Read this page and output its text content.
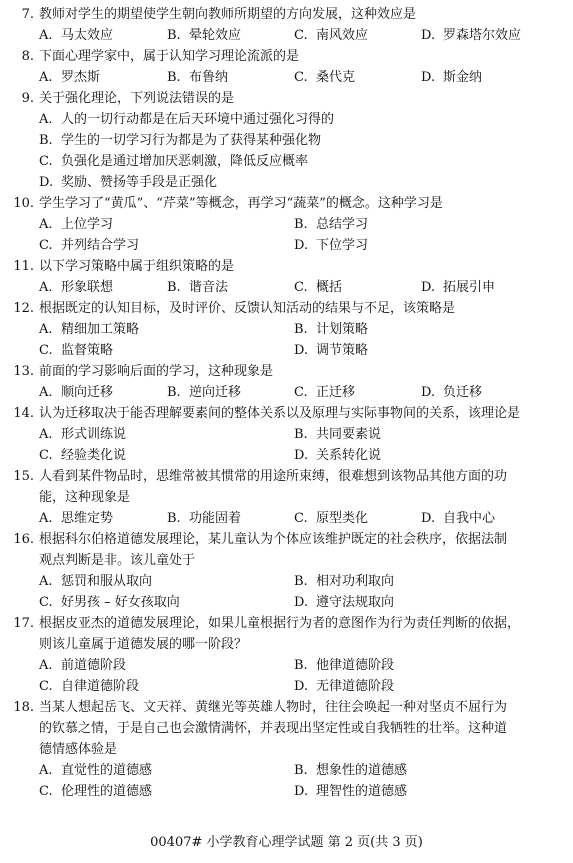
7. 教师对学生的期望使学生朝向教师所期望的方向发展，这种效应是
A. 马太效应	B. 晕轮效应	C. 南风效应	D. 罗森塔尔效应
8. 下面心理学家中，属于认知学习理论流派的是
A. 罗杰斯	B. 布鲁纳	C. 桑代克	D. 斯金纳
9. 关于强化理论，下列说法错误的是
A. 人的一切行动都是在后天环境中通过强化习得的
B. 学生的一切学习行为都是为了获得某种强化物
C. 负强化是通过增加厌恶刺激，降低反应概率
D. 奖励、赞扬等手段是正强化
10. 学生学习了“黄瓜”、“芹菜”等概念，再学习“蔬菜”的概念。这种学习是
A. 上位学习	B. 总结学习
C. 并列结合学习	D. 下位学习
11. 以下学习策略中属于组织策略的是
A. 形象联想	B. 谐音法	C. 概括	D. 拓展引申
12. 根据既定的认知目标，及时评价、反馈认知活动的结果与不足，该策略是
A. 精细加工策略	B. 计划策略
C. 监督策略	D. 调节策略
13. 前面的学习影响后面的学习，这种现象是
A. 顺向迁移	B. 逆向迁移	C. 正迁移	D. 负迁移
14. 认为迁移取决于能否理解要素间的整体关系以及原理与实际事物间的关系，该理论是
A. 形式训练说	B. 共同要素说
C. 经验类化说	D. 关系转化说
15. 人看到某件物品时，思维常被其惯常的用途所束缚，很难想到该物品其他方面的功
能，这种现象是
A. 思维定势	B. 功能固着	C. 原型类化	D. 自我中心
16. 根据科尔伯格道德发展理论，某儿童认为个体应该维护既定的社会秩序，依据法制
观点判断是非。该儿童处于
A. 惩罚和服从取向	B. 相对功利取向
C. 好男孩 – 好女孩取向	D. 遵守法规取向
17. 根据皮亚杰的道德发展理论，如果儿童根据行为者的意图作为行为责任判断的依据，
则该儿童属于道德发展的哪一阶段？
A. 前道德阶段	B. 他律道德阶段
C. 自律道德阶段	D. 无律道德阶段
18. 当某人想起岳飞、文天祥、黄继光等英雄人物时，往往会唤起一种对坚贞不屈行为
的钦慕之情，于是自己也会激情满怀，并表现出坚定性或自我牺牲的壮举。这种道
德情感体验是
A. 直觉性的道德感	B. 想象性的道德感
C. 伦理性的道德感	D. 理智性的道德感
00407# 小学教育心理学试题 第 2 页(共 3 页)
